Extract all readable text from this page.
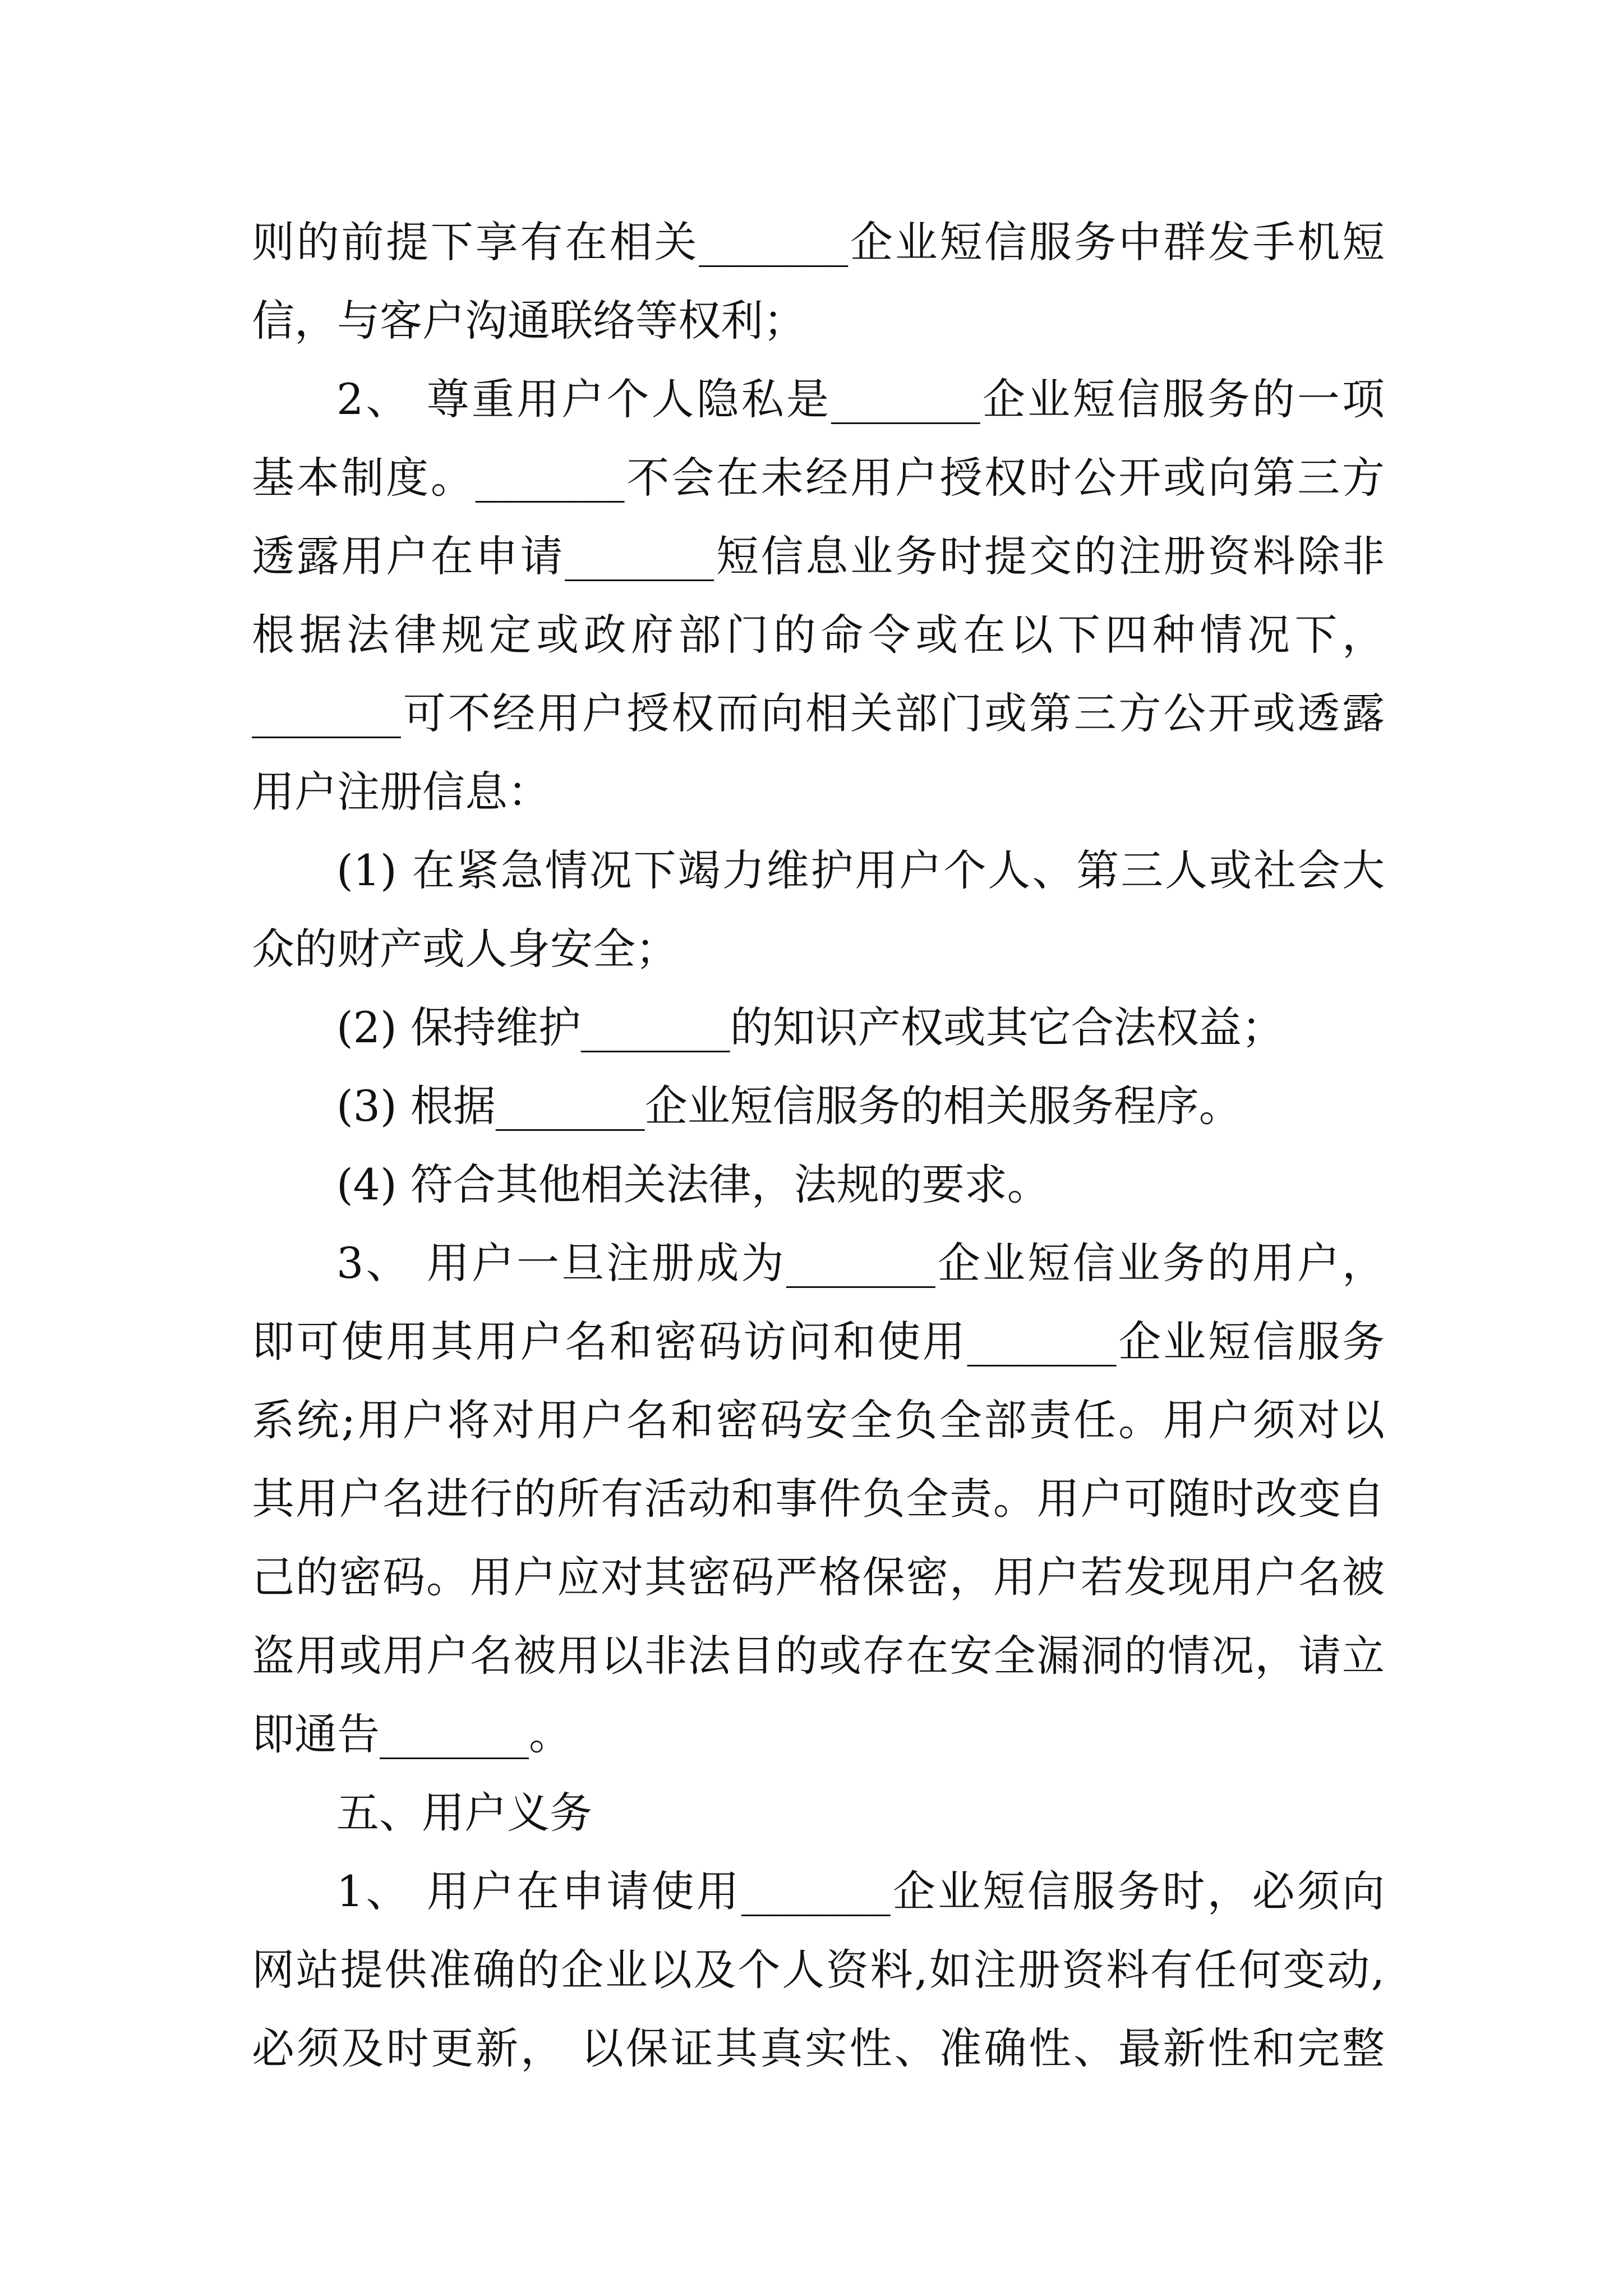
则的前提下享有在相关_______企业短信服务中群发手机短
信，与客户沟通联络等权利；
2、 尊重用户个人隐私是_______企业短信服务的一项
基本制度。_______不会在未经用户授权时公开或向第三方
透露用户在申请_______短信息业务时提交的注册资料除非
根据法律规定或政府部门的命令或在以下四种情况下，
_______可不经用户授权而向相关部门或第三方公开或透露
用户注册信息：
(1) 在紧急情况下竭力维护用户个人、第三人或社会大
众的财产或人身安全；
(2) 保持维护_______的知识产权或其它合法权益；
(3) 根据_______企业短信服务的相关服务程序。
(4) 符合其他相关法律，法规的要求。
3、 用户一旦注册成为_______企业短信业务的用户，
即可使用其用户名和密码访问和使用_______企业短信服务
系统;用户将对用户名和密码安全负全部责任。用户须对以
其用户名进行的所有活动和事件负全责。用户可随时改变自
己的密码。用户应对其密码严格保密，用户若发现用户名被
盗用或用户名被用以非法目的或存在安全漏洞的情况，请立
即通告_______。
五、用户义务
1、 用户在申请使用_______企业短信服务时，必须向
网站提供准确的企业以及个人资料,如注册资料有任何变动,
必须及时更新， 以保证其真实性、准确性、最新性和完整
